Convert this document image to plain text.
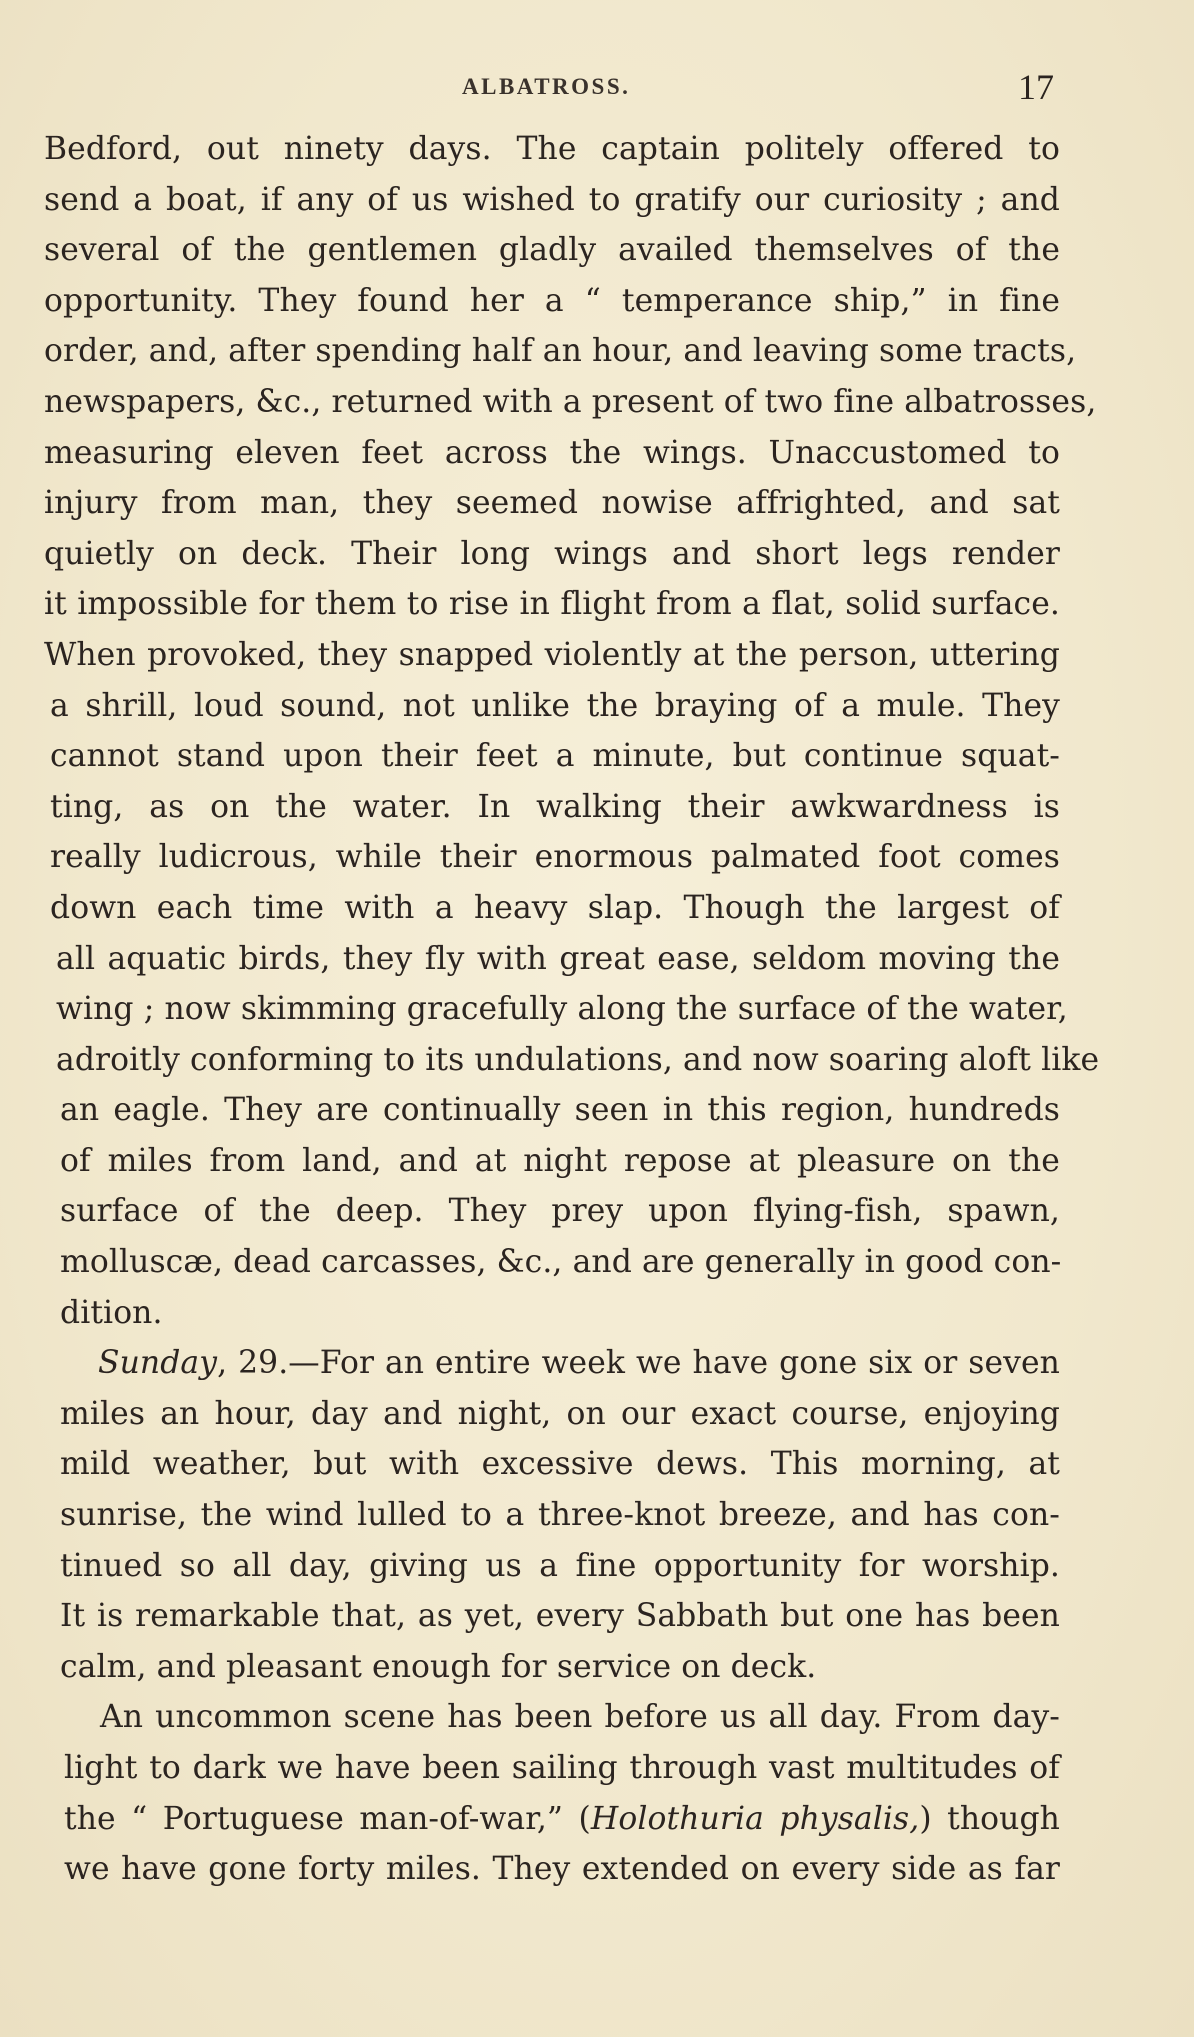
ALBATROSS.	17
Bedford, out ninety days. The captain politely offered to
send a boat, if any of us wished to gratify our curiosity ; and
several of the gentlemen gladly availed themselves of the
opportunity. They found her a “ temperance ship,” in fine
order, and, after spending half an hour, and leaving some tracts,
newspapers, &c., returned with a present of two fine albatrosses,
measuring eleven feet across the wings. Unaccustomed to
injury from man, they seemed nowise affrighted, and sat
quietly on deck. Their long wings and short legs render
it impossible for them to rise in flight from a flat, solid surface.
When provoked, they snapped violently at the person, uttering
a shrill, loud sound, not unlike the braying of a mule. They
cannot stand upon their feet a minute, but continue squat-
ting, as on the water. In walking their awkwardness is
really ludicrous, while their enormous palmated foot comes
down each time with a heavy slap. Though the largest of
all aquatic birds, they fly with great ease, seldom moving the
wing ; now skimming gracefully along the surface of the water,
adroitly conforming to its undulations, and now soaring aloft like
an eagle. They are continually seen in this region, hundreds
of miles from land, and at night repose at pleasure on the
surface of the deep. They prey upon flying-fish, spawn,
molluscæ, dead carcasses, &c., and are generally in good con-
dition.
Sunday, 29.—For an entire week we have gone six or seven
miles an hour, day and night, on our exact course, enjoying
mild weather, but with excessive dews. This morning, at
sunrise, the wind lulled to a three-knot breeze, and has con-
tinued so all day, giving us a fine opportunity for worship.
It is remarkable that, as yet, every Sabbath but one has been
calm, and pleasant enough for service on deck.
An uncommon scene has been before us all day. From day-
light to dark we have been sailing through vast multitudes of
the “ Portuguese man-of-war,” (Holothuria physalis,) though
we have gone forty miles. They extended on every side as far
